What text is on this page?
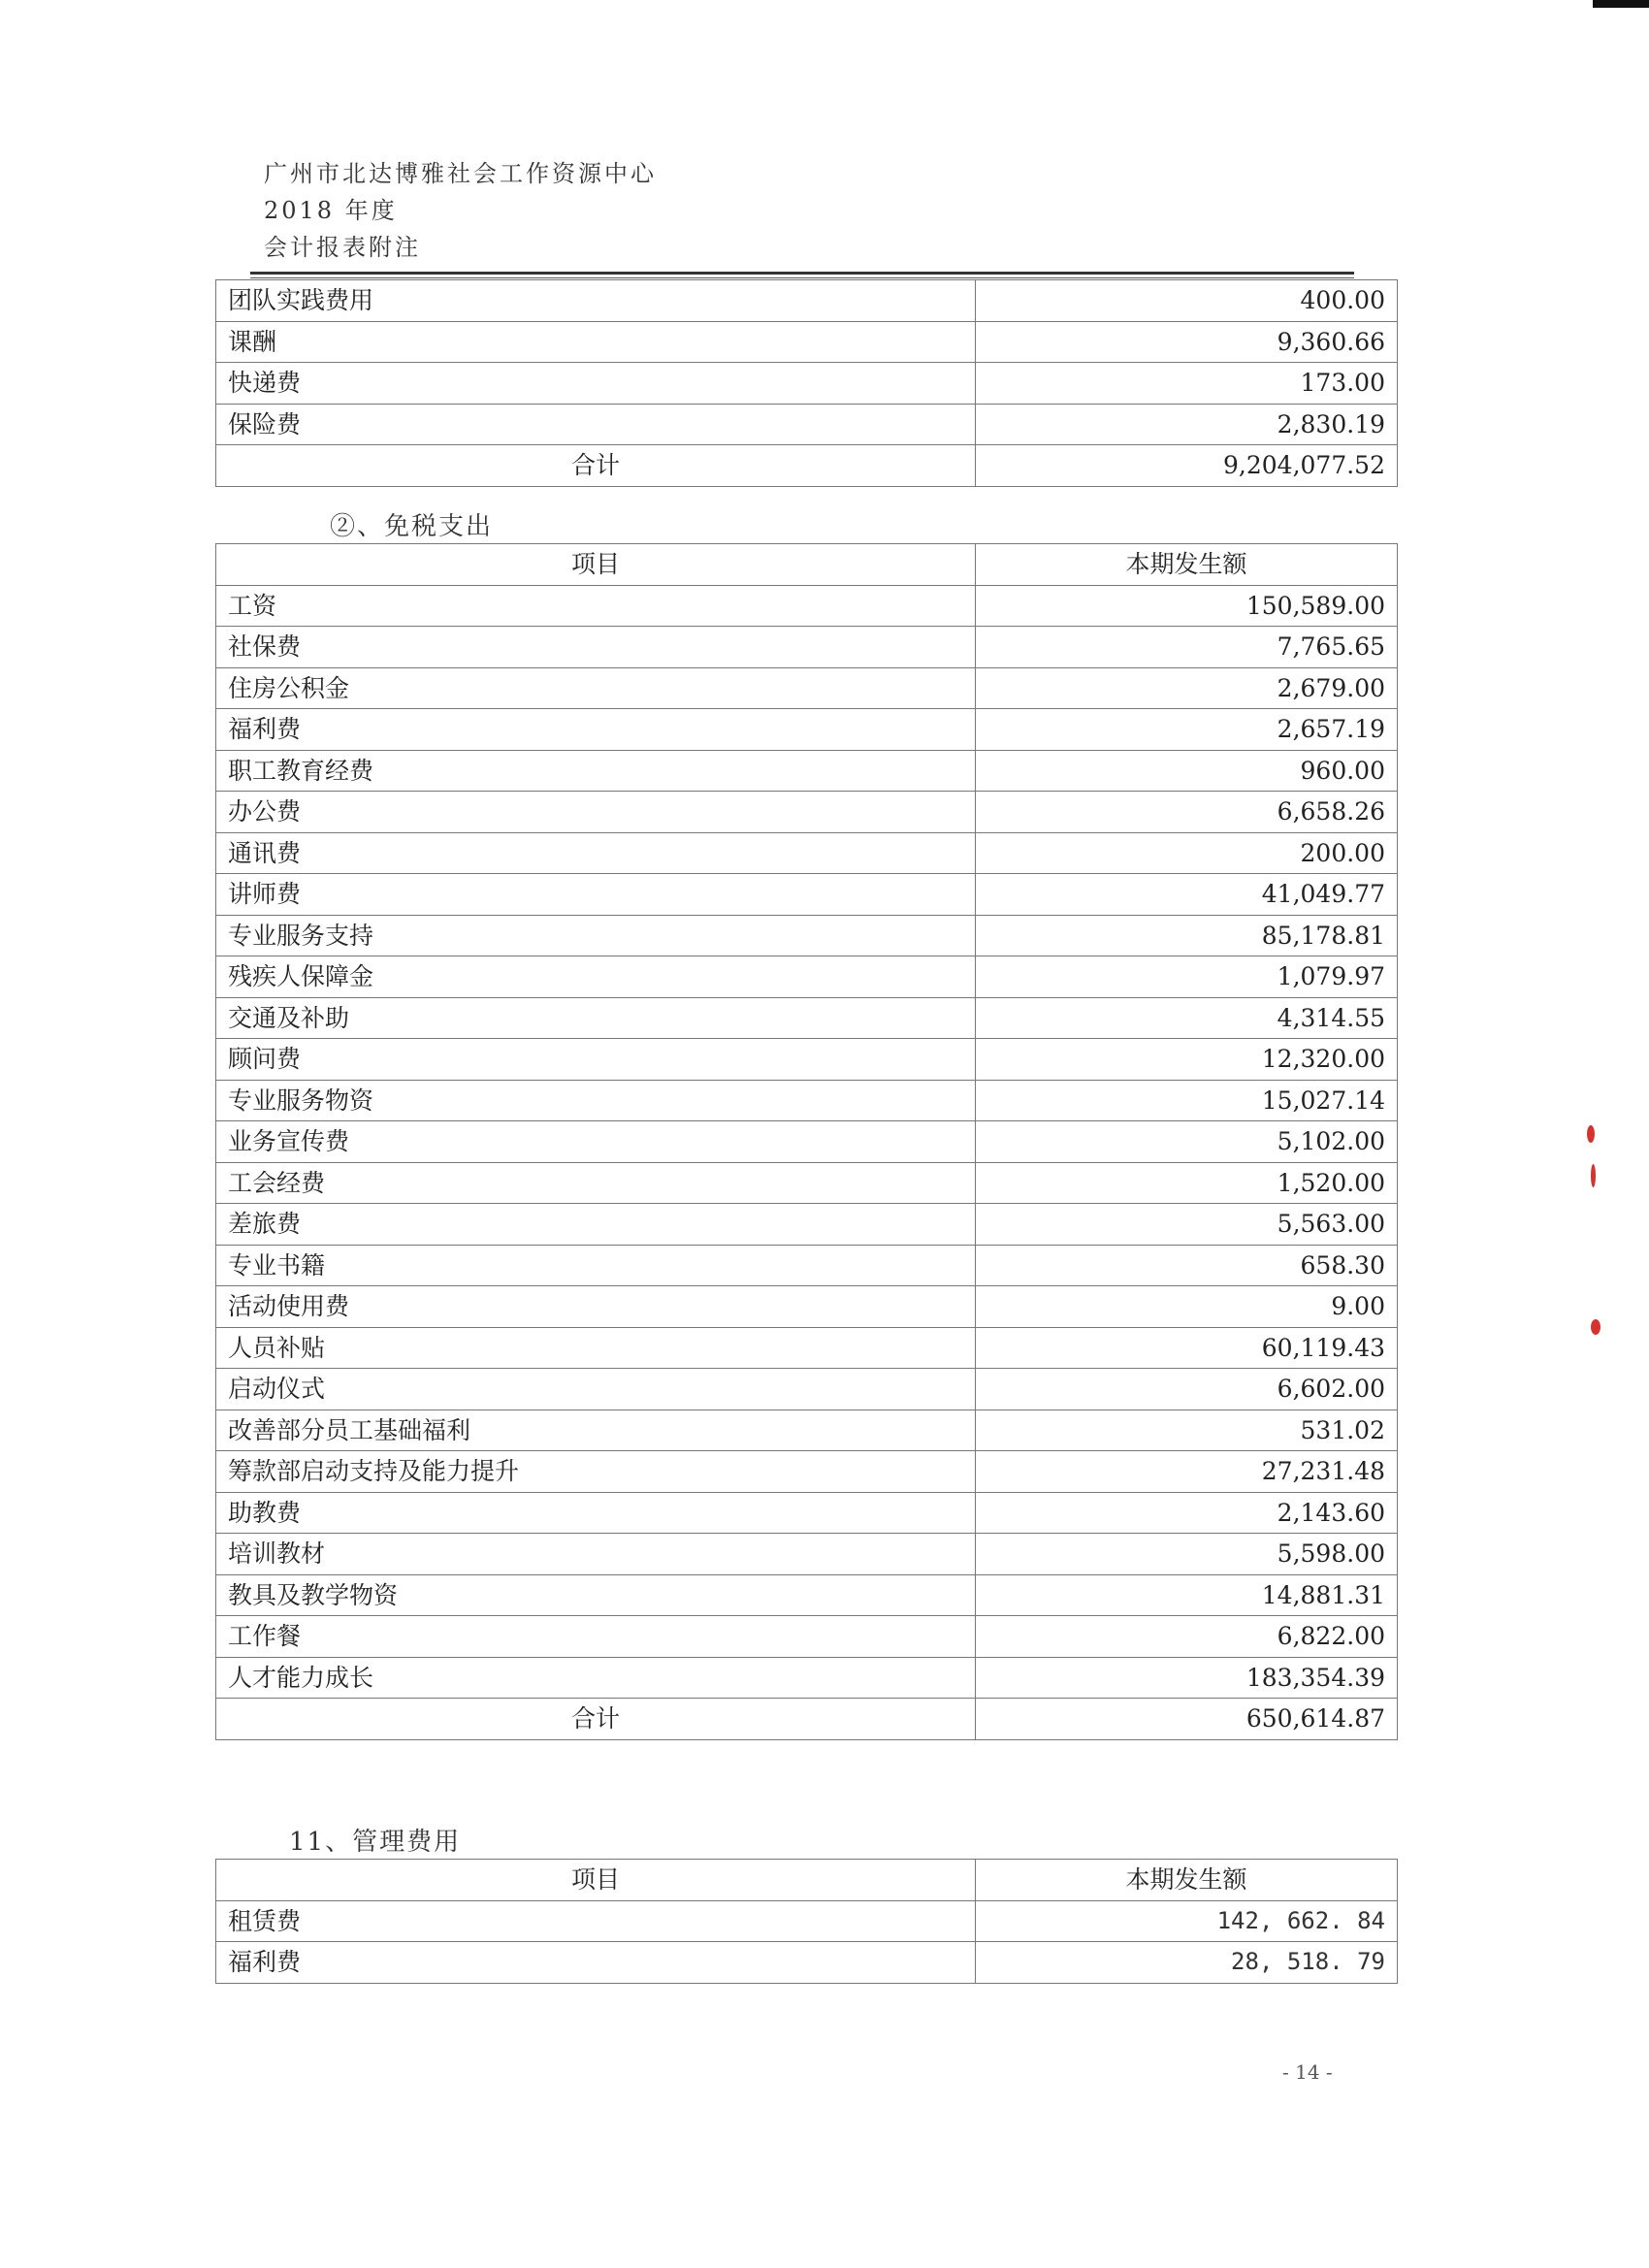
广州市北达博雅社会工作资源中心
2018 年度
会计报表附注
团队实践费用	400.00
课酬	9,360.66
快递费	173.00
保险费	2,830.19
合计	9,204,077.52
②、免税支出
项目	本期发生额
工资	150,589.00
社保费	7,765.65
住房公积金	2,679.00
福利费	2,657.19
职工教育经费	960.00
办公费	6,658.26
通讯费	200.00
讲师费	41,049.77
专业服务支持	85,178.81
残疾人保障金	1,079.97
交通及补助	4,314.55
顾问费	12,320.00
专业服务物资	15,027.14
业务宣传费	5,102.00
工会经费	1,520.00
差旅费	5,563.00
专业书籍	658.30
活动使用费	9.00
人员补贴	60,119.43
启动仪式	6,602.00
改善部分员工基础福利	531.02
筹款部启动支持及能力提升	27,231.48
助教费	2,143.60
培训教材	5,598.00
教具及教学物资	14,881.31
工作餐	6,822.00
人才能力成长	183,354.39
合计	650,614.87
11、管理费用
项目	本期发生额
租赁费	142, 662. 84
福利费	28, 518. 79
- 14 -
